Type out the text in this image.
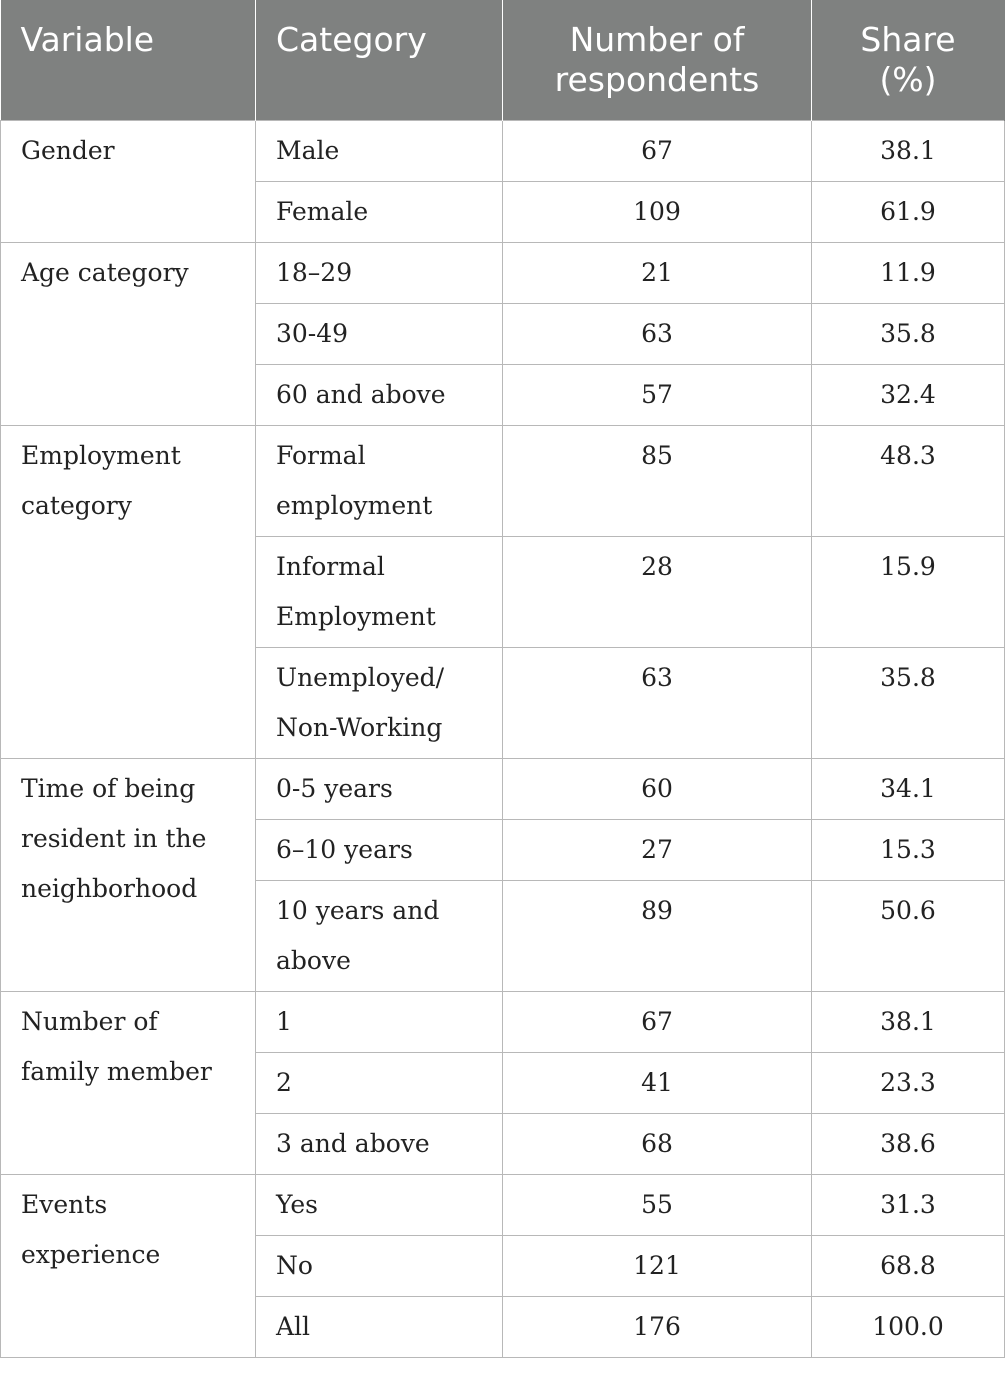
Variable	Category	Number of respondents	Share (%)
Gender	Male	67	38.1
	Female	109	61.9
Age category	18–29	21	11.9
	30-49	63	35.8
	60 and above	57	32.4
Employment category	Formal employment	85	48.3
	Informal Employment	28	15.9
	Unemployed/ Non-Working	63	35.8
Time of being resident in the neighborhood	0-5 years	60	34.1
	6–10 years	27	15.3
	10 years and above	89	50.6
Number of family member	1	67	38.1
	2	41	23.3
	3 and above	68	38.6
Events experience	Yes	55	31.3
	No	121	68.8
	All	176	100.0
